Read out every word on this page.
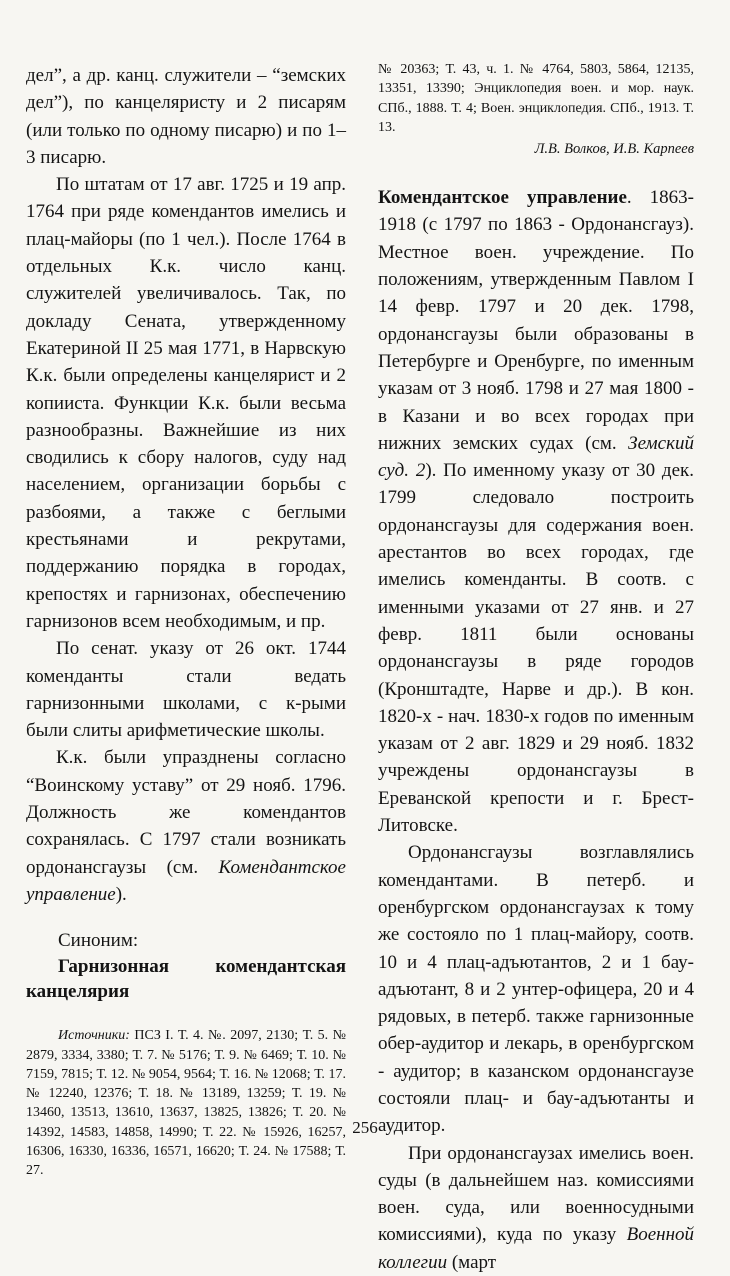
дел”, а др. канц. служители – “земских дел”), по канцеляристу и 2 писарям (или только по одному писарю) и по 1–3 писарю.

По штатам от 17 авг. 1725 и 19 апр. 1764 при ряде комендантов имелись и плац-майоры (по 1 чел.). После 1764 в отдельных К.к. число канц. служителей увеличивалось. Так, по докладу Сената, утвержденному Екатериной II 25 мая 1771, в Нарвскую К.к. были определены канцелярист и 2 копииста. Функции К.к. были весьма разнообразны. Важнейшие из них сводились к сбору налогов, суду над населением, организации борьбы с разбоями, а также с беглыми крестьянами и рекрутами, поддержанию порядка в городах, крепостях и гарнизонах, обеспечению гарнизонов всем необходимым, и пр.

По сенат. указу от 26 окт. 1744 коменданты стали ведать гарнизонными школами, с к-рыми были слиты арифметические школы.

К.к. были упразднены согласно “Воинскому уставу” от 29 нояб. 1796. Должность же комендантов сохранялась. С 1797 стали возникать ордонансгаузы (см. Комендантское управление).

Синоним:

Гарнизонная комендантская канцелярия

Источники: ПСЗ I. Т. 4. №. 2097, 2130; Т. 5. № 2879, 3334, 3380; Т. 7. № 5176; Т. 9. № 6469; Т. 10. № 7159, 7815; Т. 12. № 9054, 9564; Т. 16. № 12068; Т. 17. № 12240, 12376; Т. 18. № 13189, 13259; Т. 19. № 13460, 13513, 13610, 13637, 13825, 13826; Т. 20. № 14392, 14583, 14858, 14990; Т. 22. № 15926, 16257, 16306, 16330, 16336, 16571, 16620; Т. 24. № 17588; Т. 27.

№ 20363; Т. 43, ч. 1. № 4764, 5803, 5864, 12135, 13351, 13390; Энциклопедия воен. и мор. наук. СПб., 1888. Т. 4; Воен. энциклопедия. СПб., 1913. Т. 13.

Л.В. Волков, И.В. Карпеев

Комендантское управление. 1863-1918 (с 1797 по 1863 - Ордонансгауз). Местное воен. учреждение. По положениям, утвержденным Павлом I 14 февр. 1797 и 20 дек. 1798, ордонансгаузы были образованы в Петербурге и Оренбурге, по именным указам от 3 нояб. 1798 и 27 мая 1800 - в Казани и во всех городах при нижних земских судах (см. Земский суд. 2). По именному указу от 30 дек. 1799 следовало построить ордонансгаузы для содержания воен. арестантов во всех городах, где имелись коменданты. В соотв. с именными указами от 27 янв. и 27 февр. 1811 были основаны ордонансгаузы в ряде городов (Кронштадте, Нарве и др.). В кон. 1820-х - нач. 1830-х годов по именным указам от 2 авг. 1829 и 29 нояб. 1832 учреждены ордонансгаузы в Ереванской крепости и г. Брест-Литовске.

Ордонансгаузы возглавлялись комендантами. В петерб. и оренбургском ордонансгаузах к тому же состояло по 1 плац-майору, соотв. 10 и 4 плац-адъютантов, 2 и 1 бау-адъютант, 8 и 2 унтер-офицера, 20 и 4 рядовых, в петерб. также гарнизонные обер-аудитор и лекарь, в оренбургском - аудитор; в казанском ордонансгаузе состояли плац- и бау-адъютанты и аудитор.

При ордонансгаузах имелись воен. суды (в дальнейшем наз. комиссиями воен. суда, или военносудными комиссиями), куда по указу Военной коллегии (март

256
